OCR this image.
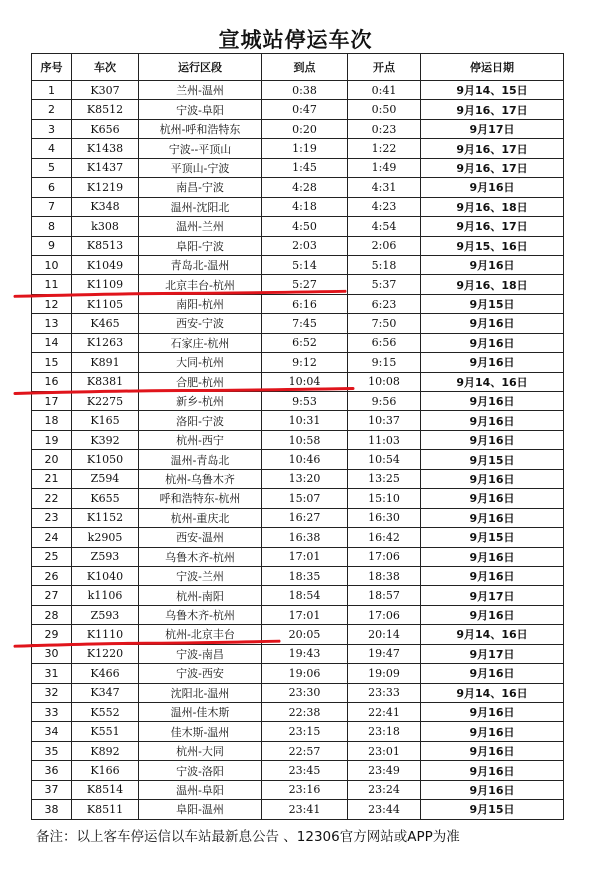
宣城站停运车次
序号	车次	运行区段	到点	开点	停运日期
1	K307	兰州-温州	0:38	0:41	9月14、15日
2	K8512	宁波-阜阳	0:47	0:50	9月16、17日
3	K656	杭州-呼和浩特东	0:20	0:23	9月17日
4	K1438	宁波--平顶山	1:19	1:22	9月16、17日
5	K1437	平顶山-宁波	1:45	1:49	9月16、17日
6	K1219	南昌-宁波	4:28	4:31	9月16日
7	K348	温州-沈阳北	4:18	4:23	9月16、18日
8	k308	温州-兰州	4:50	4:54	9月16、17日
9	K8513	阜阳-宁波	2:03	2:06	9月15、16日
10	K1049	青岛北-温州	5:14	5:18	9月16日
11	K1109	北京丰台-杭州	5:27	5:37	9月16、18日
12	K1105	南阳-杭州	6:16	6:23	9月15日
13	K465	西安-宁波	7:45	7:50	9月16日
14	K1263	石家庄-杭州	6:52	6:56	9月16日
15	K891	大同-杭州	9:12	9:15	9月16日
16	K8381	合肥-杭州	10:04	10:08	9月14、16日
17	K2275	新乡-杭州	9:53	9:56	9月16日
18	K165	洛阳-宁波	10:31	10:37	9月16日
19	K392	杭州-西宁	10:58	11:03	9月16日
20	K1050	温州-青岛北	10:46	10:54	9月15日
21	Z594	杭州-乌鲁木齐	13:20	13:25	9月16日
22	K655	呼和浩特东-杭州	15:07	15:10	9月16日
23	K1152	杭州-重庆北	16:27	16:30	9月16日
24	k2905	西安-温州	16:38	16:42	9月15日
25	Z593	乌鲁木齐-杭州	17:01	17:06	9月16日
26	K1040	宁波-兰州	18:35	18:38	9月16日
27	k1106	杭州-南阳	18:54	18:57	9月17日
28	Z593	乌鲁木齐-杭州	17:01	17:06	9月16日
29	K1110	杭州-北京丰台	20:05	20:14	9月14、16日
30	K1220	宁波-南昌	19:43	19:47	9月17日
31	K466	宁波-西安	19:06	19:09	9月16日
32	K347	沈阳北-温州	23:30	23:33	9月14、16日
33	K552	温州-佳木斯	22:38	22:41	9月16日
34	K551	佳木斯-温州	23:15	23:18	9月16日
35	K892	杭州-大同	22:57	23:01	9月16日
36	K166	宁波-洛阳	23:45	23:49	9月16日
37	K8514	温州-阜阳	23:16	23:24	9月16日
38	K8511	阜阳-温州	23:41	23:44	9月15日
备注：以上客车停运信以车站最新息公告 、12306官方网站或APP为准
